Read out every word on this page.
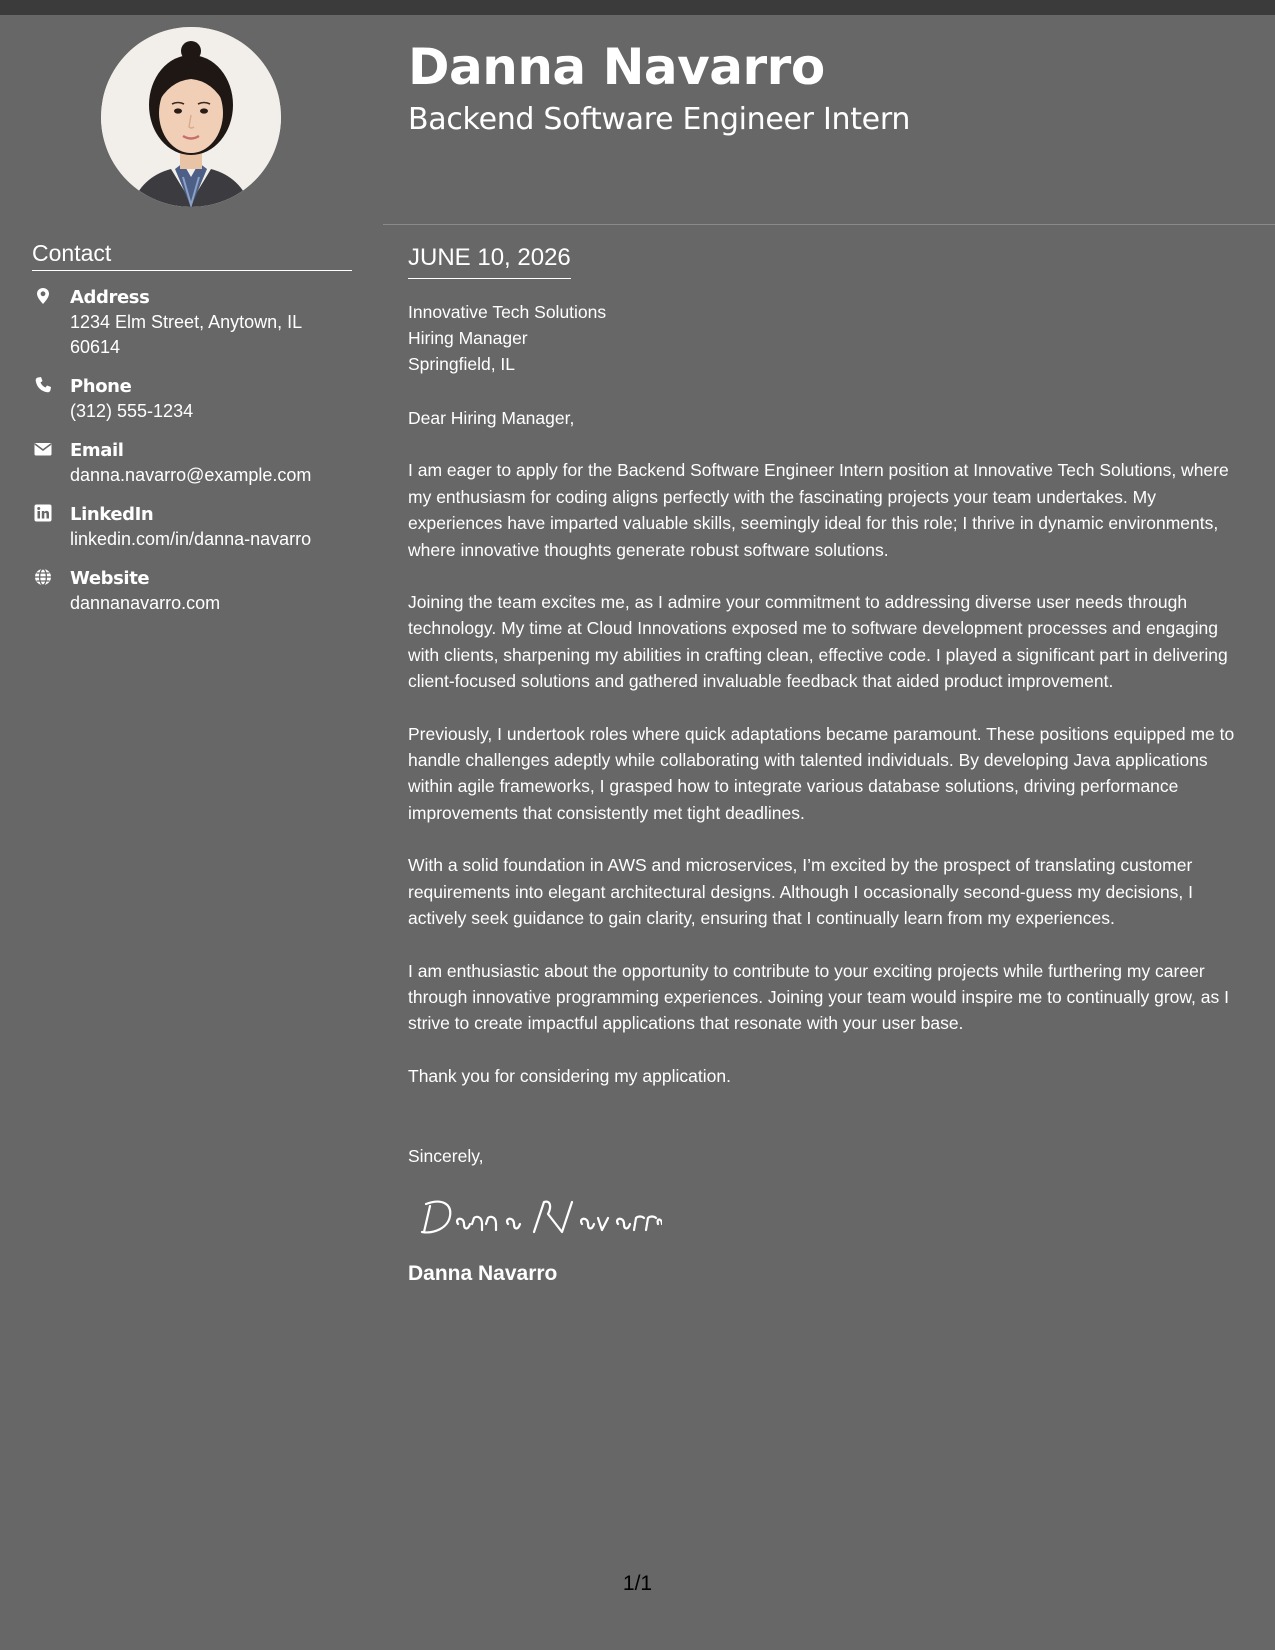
Danna Navarro
Backend Software Engineer Intern
Contact
Address
1234 Elm Street, Anytown, IL 60614
Phone
(312) 555-1234
Email
danna.navarro@example.com
LinkedIn
linkedin.com/in/danna-navarro
Website
dannanavarro.com
JUNE 10, 2026
Innovative Tech Solutions
Hiring Manager
Springfield, IL

Dear Hiring Manager,

I am eager to apply for the Backend Software Engineer Intern position at Innovative Tech Solutions, where my enthusiasm for coding aligns perfectly with the fascinating projects your team undertakes. My experiences have imparted valuable skills, seemingly ideal for this role; I thrive in dynamic environments, where innovative thoughts generate robust software solutions.

Joining the team excites me, as I admire your commitment to addressing diverse user needs through technology. My time at Cloud Innovations exposed me to software development processes and engaging with clients, sharpening my abilities in crafting clean, effective code. I played a significant part in delivering client-focused solutions and gathered invaluable feedback that aided product improvement.

Previously, I undertook roles where quick adaptations became paramount. These positions equipped me to handle challenges adeptly while collaborating with talented individuals. By developing Java applications within agile frameworks, I grasped how to integrate various database solutions, driving performance improvements that consistently met tight deadlines.

With a solid foundation in AWS and microservices, I’m excited by the prospect of translating customer requirements into elegant architectural designs. Although I occasionally second-guess my decisions, I actively seek guidance to gain clarity, ensuring that I continually learn from my experiences.

I am enthusiastic about the opportunity to contribute to your exciting projects while furthering my career through innovative programming experiences. Joining your team would inspire me to continually grow, as I strive to create impactful applications that resonate with your user base.

Thank you for considering my application.

Sincerely,

Danna Navarro
1/1
